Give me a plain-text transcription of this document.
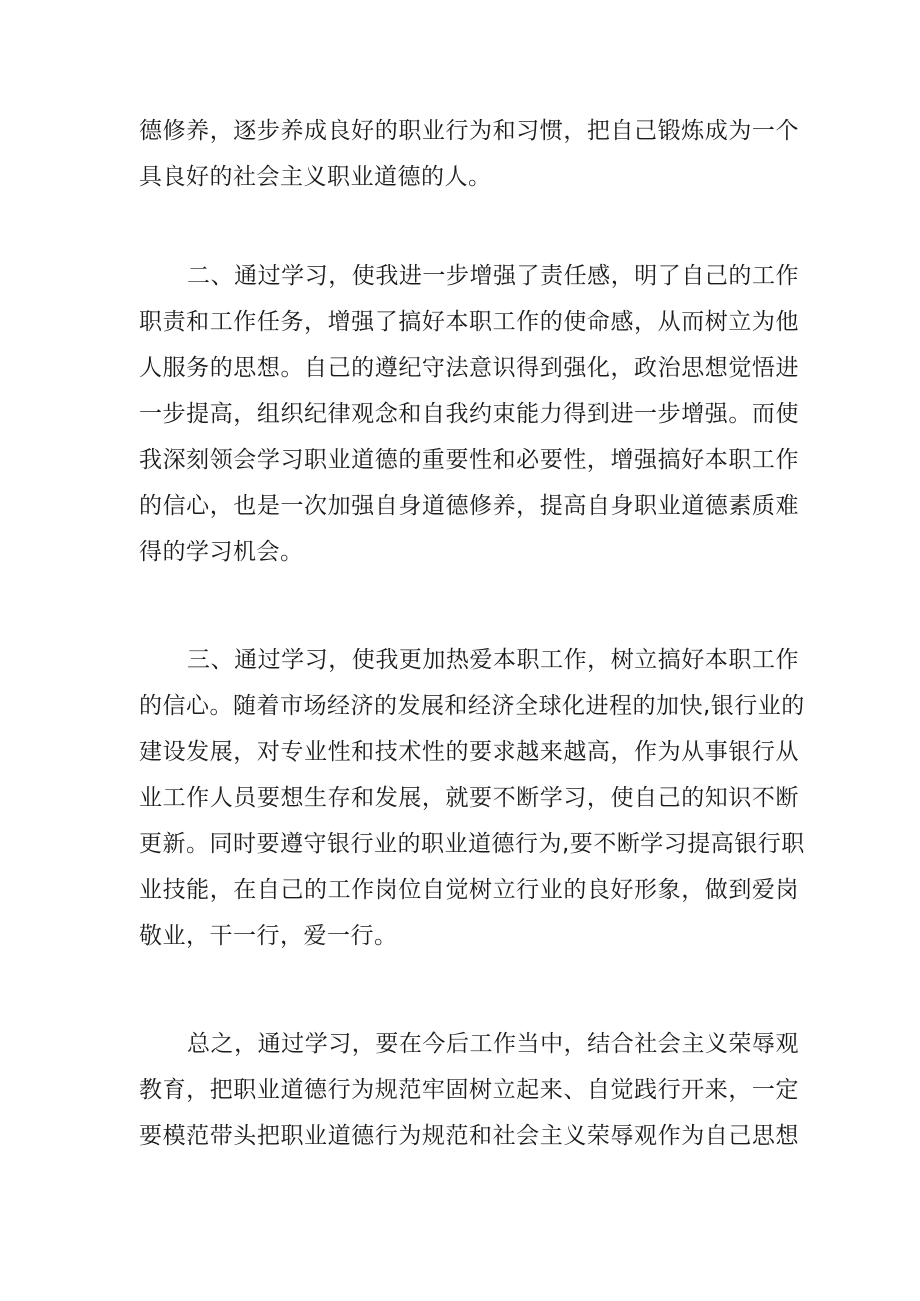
德修养，逐步养成良好的职业行为和习惯，把自己锻炼成为一个
具良好的社会主义职业道德的人。
二、通过学习，使我进一步增强了责任感，明了自己的工作
职责和工作任务，增强了搞好本职工作的使命感，从而树立为他
人服务的思想。自己的遵纪守法意识得到强化，政治思想觉悟进
一步提高，组织纪律观念和自我约束能力得到进一步增强。而使
我深刻领会学习职业道德的重要性和必要性，增强搞好本职工作
的信心，也是一次加强自身道德修养，提高自身职业道德素质难
得的学习机会。
三、通过学习，使我更加热爱本职工作，树立搞好本职工作
的信心。随着市场经济的发展和经济全球化进程的加快,银行业的
建设发展，对专业性和技术性的要求越来越高，作为从事银行从
业工作人员要想生存和发展，就要不断学习，使自己的知识不断
更新。同时要遵守银行业的职业道德行为,要不断学习提高银行职
业技能，在自己的工作岗位自觉树立行业的良好形象，做到爱岗
敬业，干一行，爱一行。
总之，通过学习，要在今后工作当中，结合社会主义荣辱观
教育，把职业道德行为规范牢固树立起来、自觉践行开来，一定
要模范带头把职业道德行为规范和社会主义荣辱观作为自己思想
